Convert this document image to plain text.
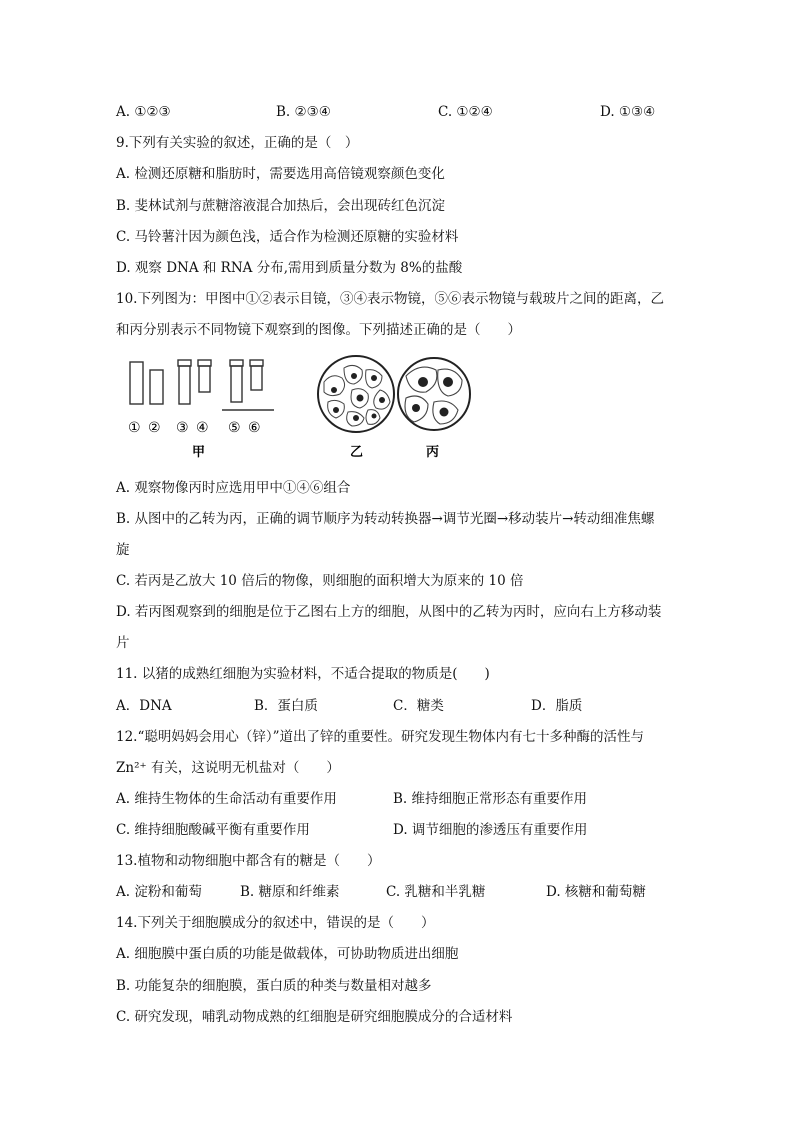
A. ①②③	B. ②③④	C. ①②④	D. ①③④
9.下列有关实验的叙述，正确的是（　）
A. 检测还原糖和脂肪时，需要选用高倍镜观察颜色变化
B. 斐林试剂与蔗糖溶液混合加热后，会出现砖红色沉淀
C. 马铃薯汁因为颜色浅，适合作为检测还原糖的实验材料
D. 观察 DNA 和 RNA 分布,需用到质量分数为 8%的盐酸
10.下列图为：甲图中①②表示目镜，③④表示物镜，⑤⑥表示物镜与载玻片之间的距离，乙
和丙分别表示不同物镜下观察到的图像。下列描述正确的是（　　）
① ② ③ ④ ⑤ ⑥
甲	乙	丙
A. 观察物像丙时应选用甲中①④⑥组合
B. 从图中的乙转为丙，正确的调节顺序为转动转换器→调节光圈→移动装片→转动细准焦螺
旋
C. 若丙是乙放大 10 倍后的物像，则细胞的面积增大为原来的 10 倍
D. 若丙图观察到的细胞是位于乙图右上方的细胞，从图中的乙转为丙时，应向右上方移动装
片
11. 以猪的成熟红细胞为实验材料，不适合提取的物质是(　　)
A．DNA	B．蛋白质	C．糖类	D．脂质
12.“聪明妈妈会用心（锌）”道出了锌的重要性。研究发现生物体内有七十多种酶的活性与
Zn²⁺ 有关，这说明无机盐对（　　）
A. 维持生物体的生命活动有重要作用	B. 维持细胞正常形态有重要作用
C. 维持细胞酸碱平衡有重要作用	D. 调节细胞的渗透压有重要作用
13.植物和动物细胞中都含有的糖是（　　）
A. 淀粉和葡萄	B. 糖原和纤维素	C. 乳糖和半乳糖	D. 核糖和葡萄糖
14.下列关于细胞膜成分的叙述中，错误的是（　　）
A. 细胞膜中蛋白质的功能是做载体，可协助物质进出细胞
B. 功能复杂的细胞膜，蛋白质的种类与数量相对越多
C. 研究发现，哺乳动物成熟的红细胞是研究细胞膜成分的合适材料
